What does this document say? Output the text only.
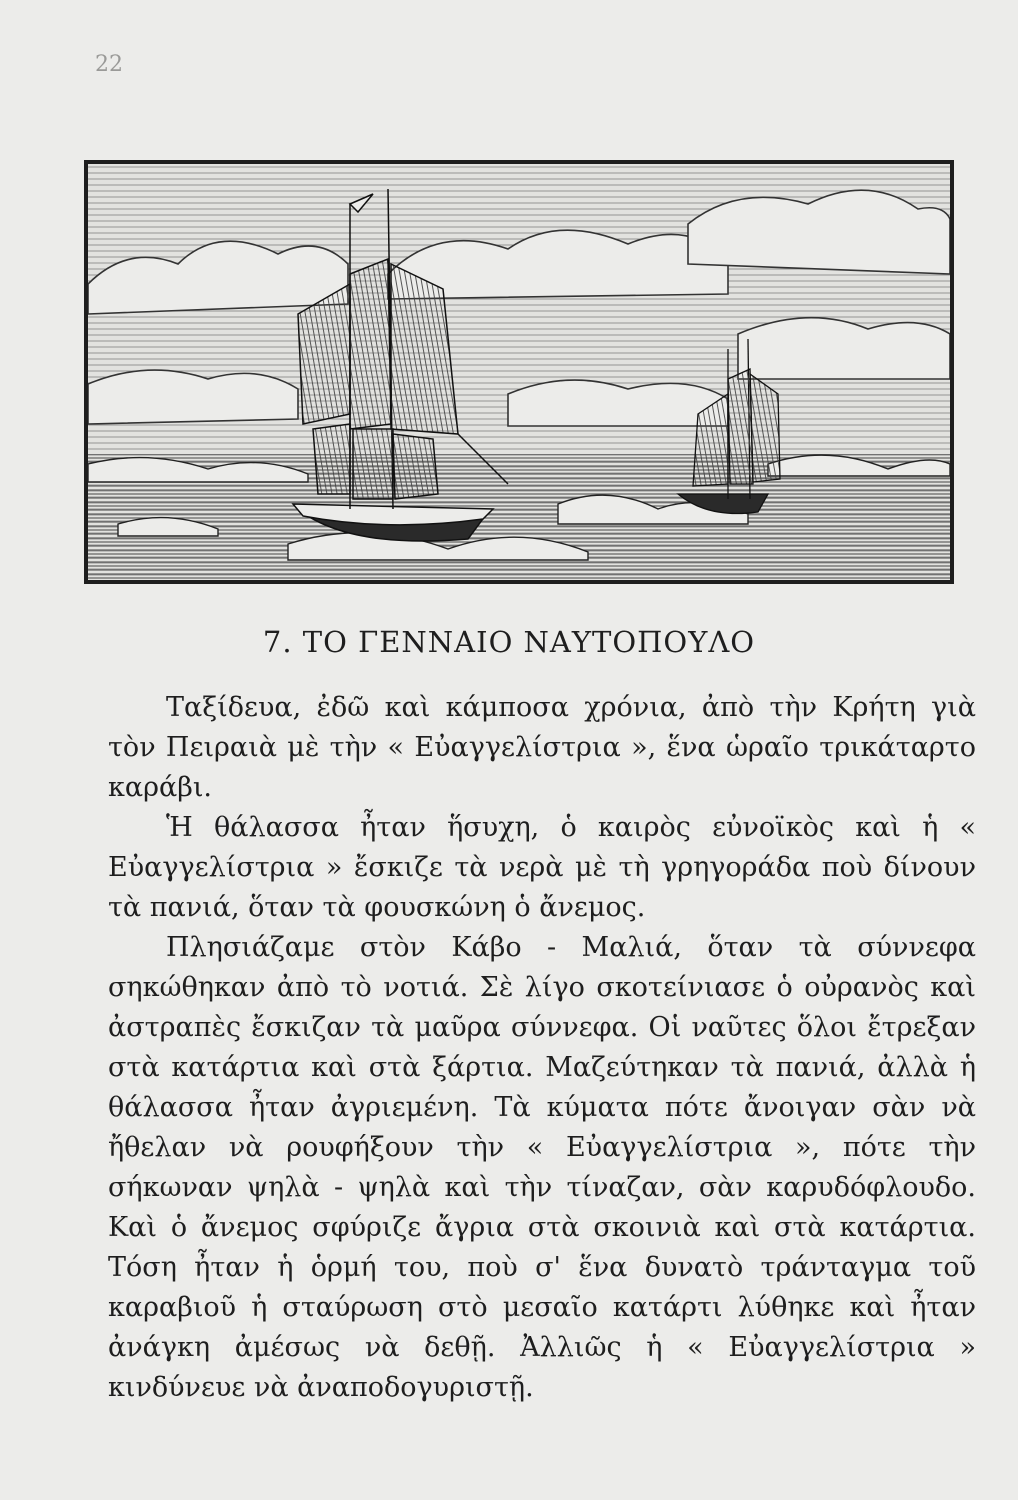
22
7. ΤΟ ΓΕΝΝΑΙΟ ΝΑΥΤΟΠΟΥΛΟ

Ταξίδευα, ἐδῶ καὶ κάμποσα χρόνια, ἀπὸ τὴν Κρήτη γιὰ τὸν Πειραιὰ μὲ τὴν « Εὐαγγελίστρια », ἕνα ὡραῖο τρικάταρτο καράβι.

Ἡ θάλασσα ἦταν ἥσυχη, ὁ καιρὸς εὐνοϊκὸς καὶ ἡ « Εὐαγγελίστρια » ἔσκιζε τὰ νερὰ μὲ τὴ γρηγοράδα ποὺ δίνουν τὰ πανιά, ὅταν τὰ φουσκώνη ὁ ἄνεμος.

Πλησιάζαμε στὸν Κάβο - Μαλιά, ὅταν τὰ σύννεφα σηκώθηκαν ἀπὸ τὸ νοτιά. Σὲ λίγο σκοτείνιασε ὁ οὐρανὸς καὶ ἀστραπὲς ἔσκιζαν τὰ μαῦρα σύννεφα. Οἱ ναῦτες ὅλοι ἔτρεξαν στὰ κατάρτια καὶ στὰ ξάρτια. Μαζεύτηκαν τὰ πανιά, ἀλλὰ ἡ θάλασσα ἦταν ἀγριεμένη. Τὰ κύματα πότε ἄνοιγαν σὰν νὰ ἤθελαν νὰ ρουφήξουν τὴν « Εὐαγγελίστρια », πότε τὴν σήκωναν ψηλὰ - ψηλὰ καὶ τὴν τίναζαν, σὰν καρυδόφλουδο. Καὶ ὁ ἄνεμος σφύριζε ἄγρια στὰ σκοινιὰ καὶ στὰ κατάρτια. Τόση ἦταν ἡ ὁρμή του, ποὺ σ' ἕνα δυνατὸ τράνταγμα τοῦ καραβιοῦ ἡ σταύρωση στὸ μεσαῖο κατάρτι λύθηκε καὶ ἦταν ἀνάγκη ἀμέσως νὰ δεθῇ. Ἀλλιῶς ἡ « Εὐαγγελίστρια » κινδύνευε νὰ ἀναποδογυριστῇ.
